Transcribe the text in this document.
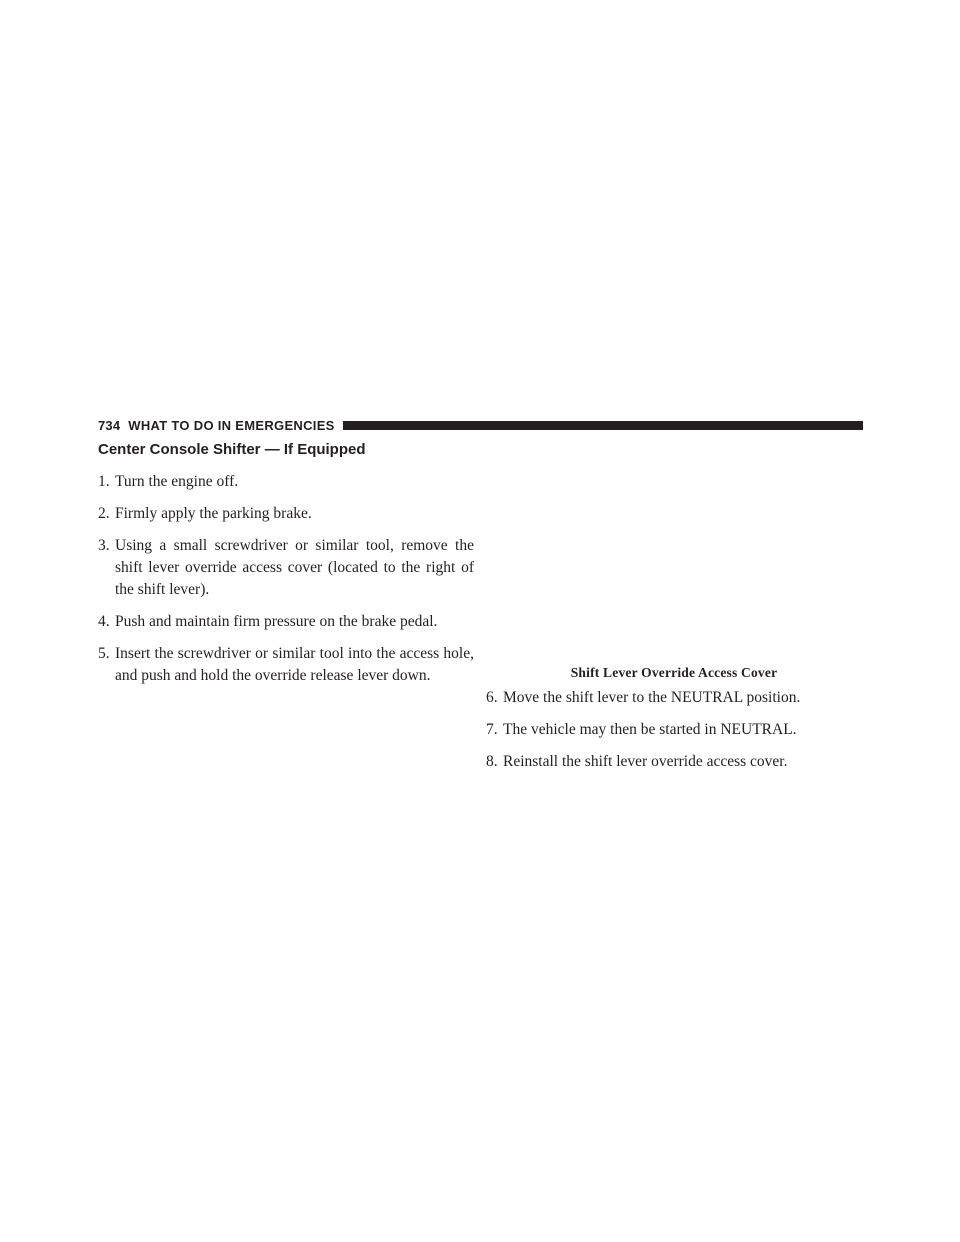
734 WHAT TO DO IN EMERGENCIES
Center Console Shifter — If Equipped
1. Turn the engine off.
2. Firmly apply the parking brake.
3. Using a small screwdriver or similar tool, remove the shift lever override access cover (located to the right of the shift lever).
4. Push and maintain firm pressure on the brake pedal.
5. Insert the screwdriver or similar tool into the access hole, and push and hold the override release lever down.	Shift Lever Override Access Cover
6. Move the shift lever to the NEUTRAL position.
7. The vehicle may then be started in NEUTRAL.
8. Reinstall the shift lever override access cover.
